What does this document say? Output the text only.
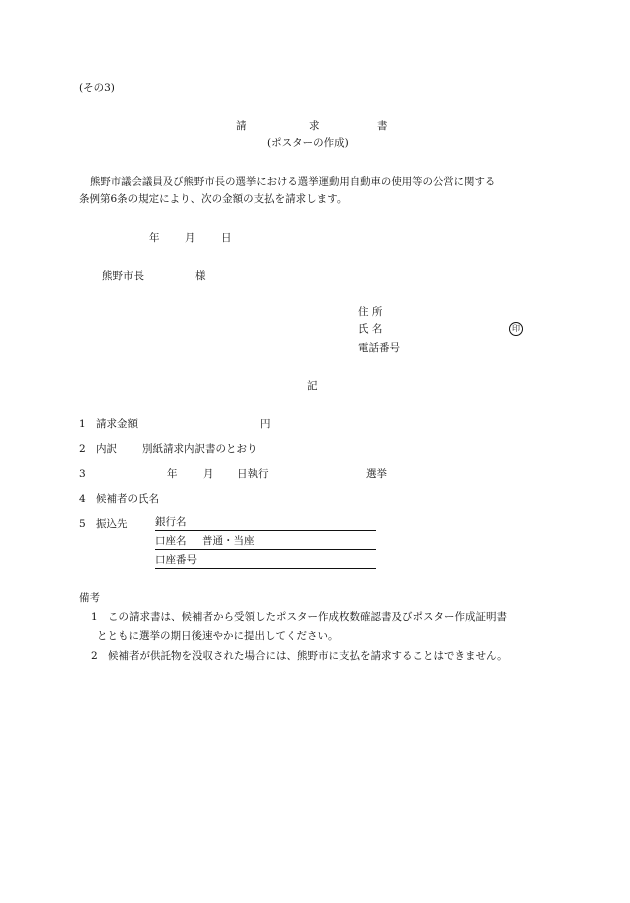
(その3)
請	求	書
(ポスターの作成)
熊野市議会議員及び熊野市長の選挙における選挙運動用自動車の使用等の公営に関する
条例第6条の規定により、次の金額の支払を請求します。
年 月 日
熊野市長	様
住 所
氏 名	印
電話番号
記
1 請求金額	円
2 内訳 別紙請求内訳書のとおり
3	年 月 日執行	選挙
4 候補者の氏名
5 振込先	銀行名
口座名 普通・当座
口座番号
備考
1 この請求書は、候補者から受領したポスター作成枚数確認書及びポスター作成証明書
とともに選挙の期日後速やかに提出してください。
2 候補者が供託物を没収された場合には、熊野市に支払を請求することはできません。
